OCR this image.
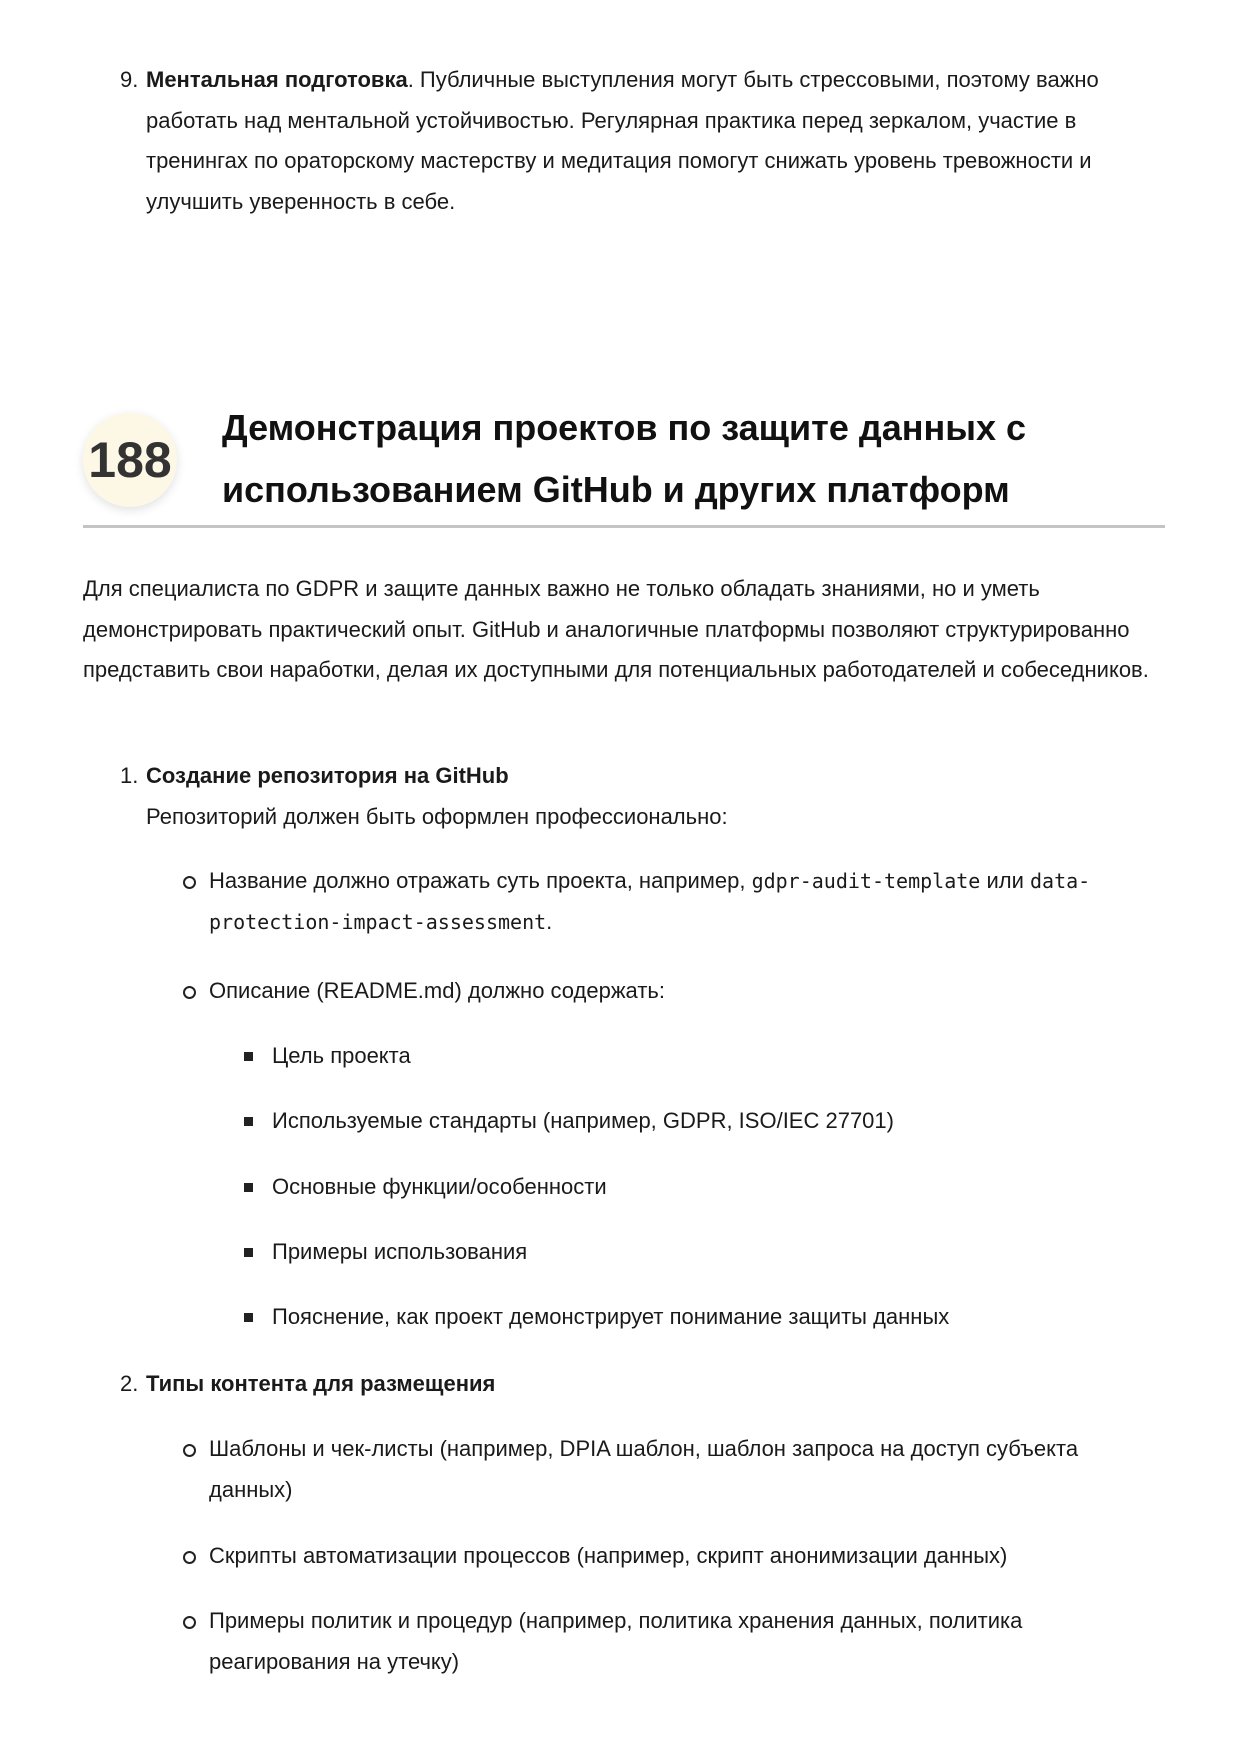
9. Ментальная подготовка. Публичные выступления могут быть стрессовыми, поэтому важно работать над ментальной устойчивостью. Регулярная практика перед зеркалом, участие в тренингах по ораторскому мастерству и медитация помогут снижать уровень тревожности и улучшить уверенность в себе.
188
Демонстрация проектов по защите данных с использованием GitHub и других платформ
Для специалиста по GDPR и защите данных важно не только обладать знаниями, но и уметь демонстрировать практический опыт. GitHub и аналогичные платформы позволяют структурированно представить свои наработки, делая их доступными для потенциальных работодателей и собеседников.
1. Создание репозитория на GitHub
Репозиторий должен быть оформлен профессионально:
Название должно отражать суть проекта, например, gdpr-audit-template или data-protection-impact-assessment.
Описание (README.md) должно содержать:
Цель проекта
Используемые стандарты (например, GDPR, ISO/IEC 27701)
Основные функции/особенности
Примеры использования
Пояснение, как проект демонстрирует понимание защиты данных
2. Типы контента для размещения
Шаблоны и чек-листы (например, DPIA шаблон, шаблон запроса на доступ субъекта данных)
Скрипты автоматизации процессов (например, скрипт анонимизации данных)
Примеры политик и процедур (например, политика хранения данных, политика реагирования на утечку)
